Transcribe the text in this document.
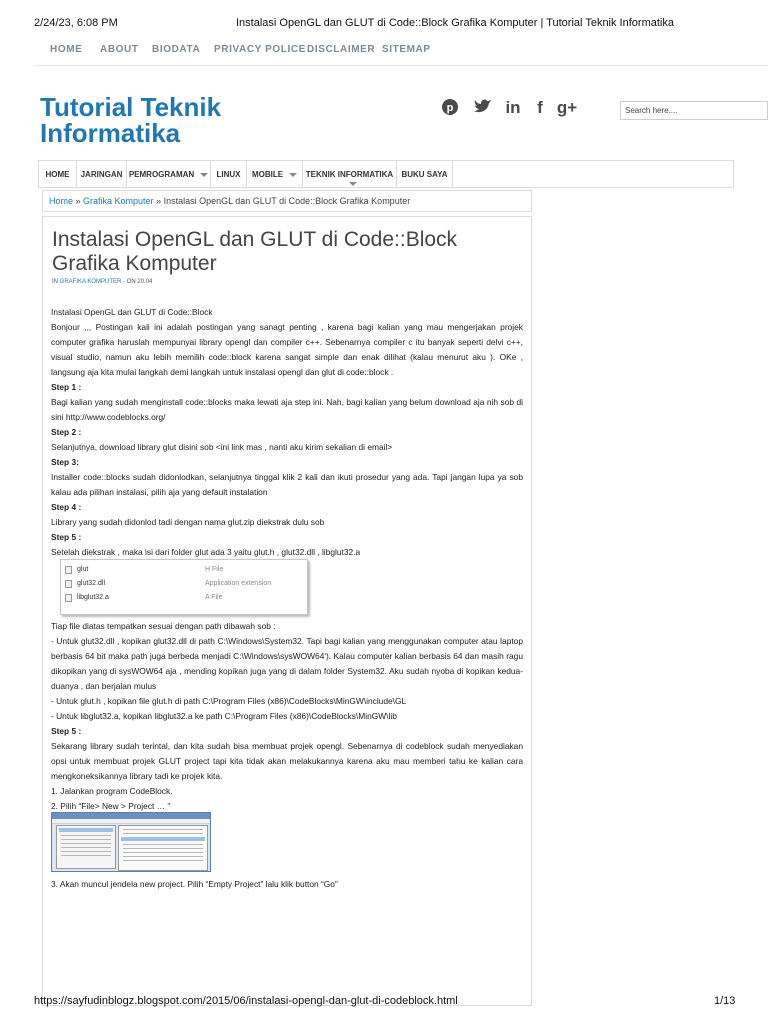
2/24/23, 6:08 PM	Instalasi OpenGL dan GLUT di Code::Block Grafika Komputer | Tutorial Teknik Informatika
HOME ABOUT BIODATA PRIVACY POLICE DISCLAIMER SITEMAP
Tutorial Teknik
Informatika
p	in f g+	Search here....
HOME	JARINGAN PEMROGRAMAN	LINUX	MOBILE	TEKNIK INFORMATIKA	BUKU SAYA
Home » Grafika Komputer » Instalasi OpenGL dan GLUT di Code::Block Grafika Komputer
Instalasi OpenGL dan GLUT di Code::Block
Grafika Komputer
IN GRAFIKA KOMPUTER - ON 20.04
Instalasi OpenGL dan GLUT di Code::Block
Bonjour ,,, Postingan kali ini adalah postingan yang sanagt penting , karena bagi kalian yang mau mengerjakan projek computer grafika haruslah mempunyai library opengl dan compiler c++. Sebenarnya compiler c itu banyak seperti delvi c++, visual studio, namun aku lebih memilih code::block karena sangat simple dan enak dilihat (kalau menurut aku ). OKe , langsung aja kita mulai langkah demi langkah untuk instalasi opengl dan glut di code::block .
Step 1 :
Bagi kalian yang sudah menginstall code::blocks maka lewati aja step ini. Nah, bagi kalian yang belum download aja nih sob di sini http://www.codeblocks.org/
Step 2 :
Selanjutnya, download library glut disini sob <ini link mas , nanti aku kirim sekalian di email>
Step 3:
Installer code::blocks sudah didonlodkan, selanjutnya tinggal klik 2 kali dan ikuti prosedur yang ada. Tapi jangan lupa ya sob kalau ada pilihan instalasi, pilih aja yang default instalation
Step 4 :
Library yang sudah didonlod tadi dengan nama glut.zip diekstrak dulu sob
Step 5 :
Setelah diekstrak , maka isi dari folder glut ada 3 yaitu glut.h , glut32.dll , libglut32.a
glut	H File
glut32.dll	Application extension
libglut32.a	A File
Tiap file diatas tempatkan sesuai dengan path dibawah sob :
- Untuk glut32.dll , kopikan glut32.dll di path C:\Windows\System32. Tapi bagi kalian yang menggunakan computer atau laptop berbasis 64 bit maka path juga berbeda menjadi C:\Windows\sysWOW64'). Kalau computer kalian berbasis 64 dan masih ragu dikopikan yang di sysWOW64 aja , mending kopikan juga yang di dalam folder System32. Aku sudah nyoba di kopikan kedua-duanya , dan berjalan mulus
- Untuk glut.h , kopikan file glut.h di path C:\Program Files (x86)\CodeBlocks\MinGW\include\GL
- Untuk libglut32.a, kopikan libglut32.a ke path C:\Program Files (x86)\CodeBlocks\MinGW\lib
Step 5 :
Sekarang library sudah terintal, dan kita sudah bisa membuat projek opengl. Sebenarnya di codeblock sudah menyediakan opsi untuk membuat projek GLUT project tapi kita tidak akan melakukannya karena aku mau memberi tahu ke kalian cara mengkoneksikannya library tadi ke projek kita.
1. Jalankan program CodeBlock.
2. Pilih “File> New > Project … ”
3. Akan muncul jendela new project. Pilih “Empty Project” lalu klik button “Go”
https://sayfudinblogz.blogspot.com/2015/06/instalasi-opengl-dan-glut-di-codeblock.html	1/13
